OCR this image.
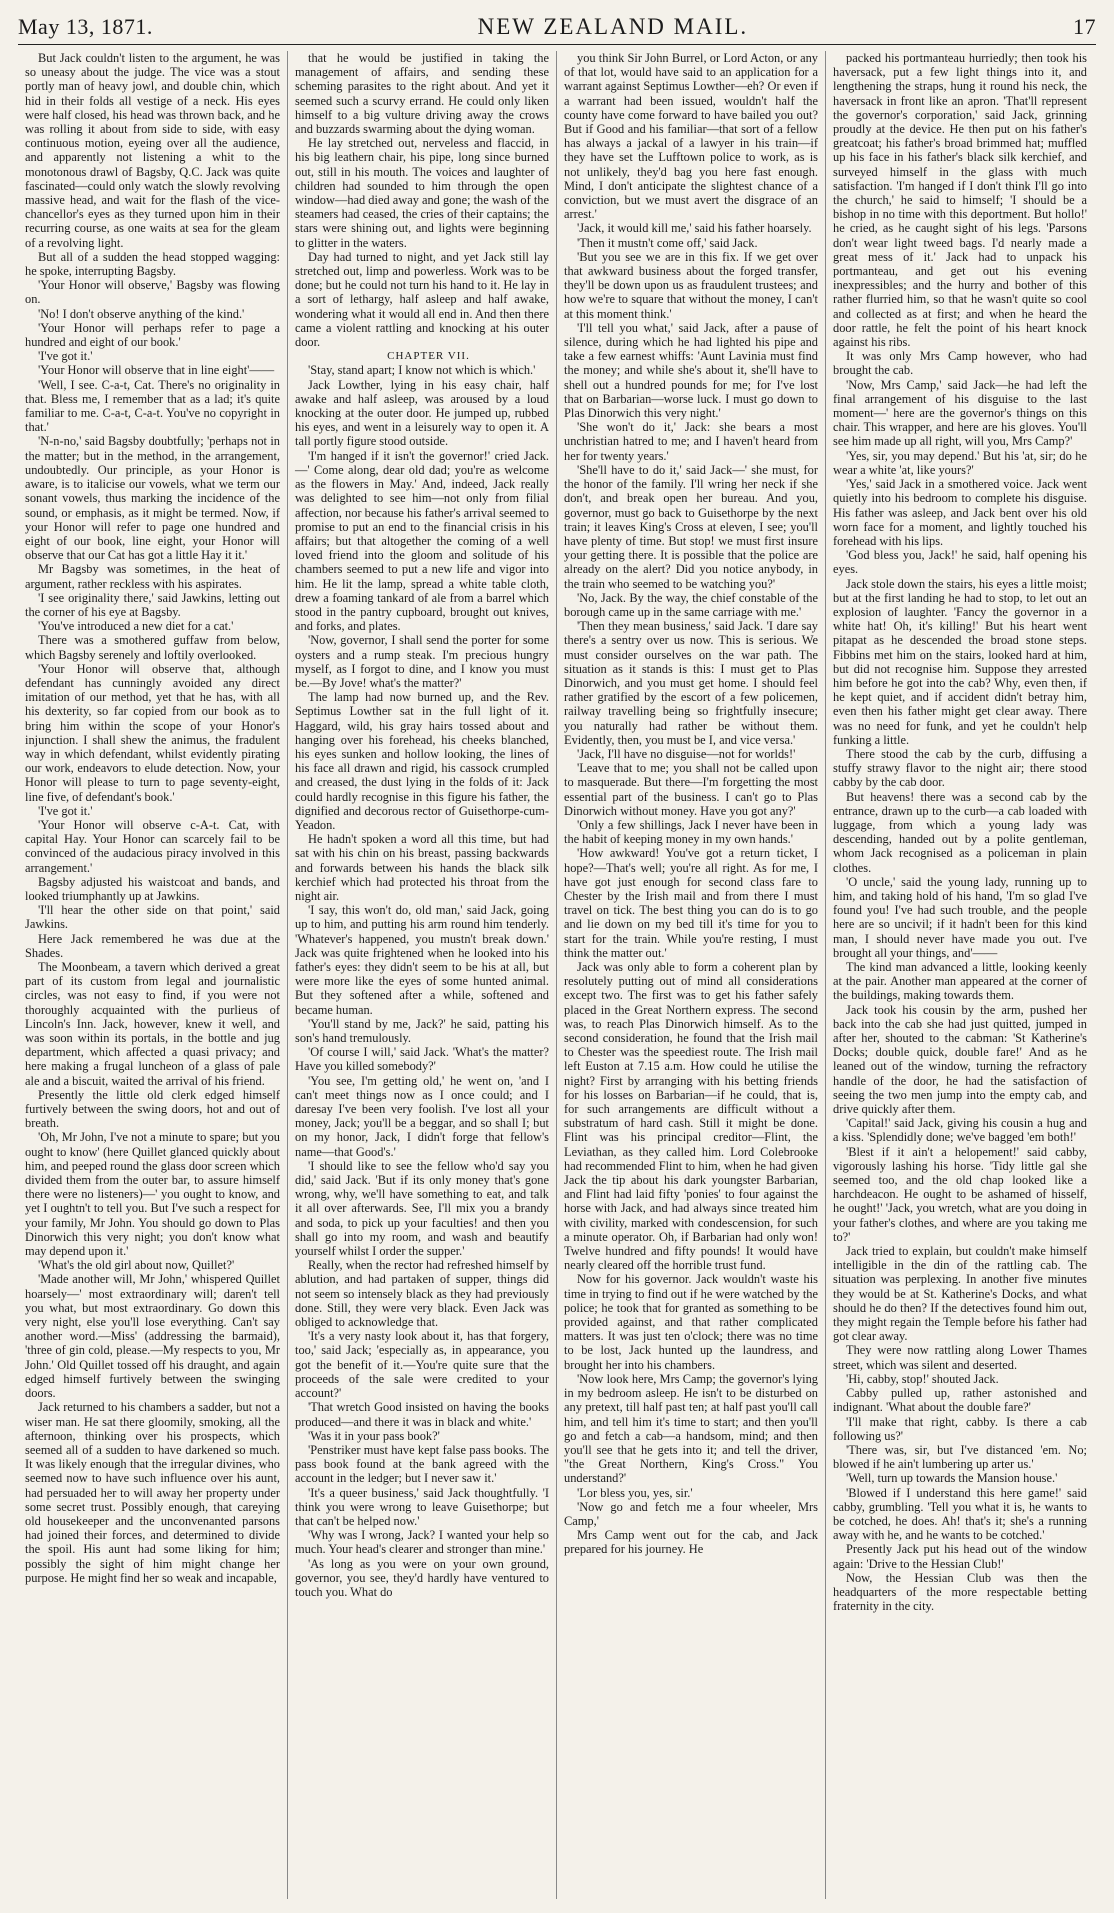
May 13, 1871.	NEW ZEALAND MAIL.	17

But Jack couldn't listen to the argument, he was so uneasy about the judge. The vice was a stout portly man of heavy jowl, and double chin, which hid in their folds all vestige of a neck. His eyes were half closed, his head was thrown back, and he was rolling it about from side to side, with easy continuous motion, eyeing over all the audience, and apparently not listening a whit to the monotonous drawl of Bagsby, Q.C. Jack was quite fascinated—could only watch the slowly revolving massive head, and wait for the flash of the vice-chancellor's eyes as they turned upon him in their recurring course, as one waits at sea for the gleam of a revolving light.

But all of a sudden the head stopped wagging: he spoke, interrupting Bagsby.

'Your Honor will observe,' Bagsby was flowing on.

'No! I don't observe anything of the kind.'

'Your Honor will perhaps refer to page a hundred and eight of our book.'

'I've got it.'

'Your Honor will observe that in line eight'——

'Well, I see. C-a-t, Cat. There's no originality in that. Bless me, I remember that as a lad; it's quite familiar to me. C-a-t, C-a-t. You've no copyright in that.'

'N-n-no,' said Bagsby doubtfully; 'perhaps not in the matter; but in the method, in the arrangement, undoubtedly. Our principle, as your Honor is aware, is to italicise our vowels, what we term our sonant vowels, thus marking the incidence of the sound, or emphasis, as it might be termed. Now, if your Honor will refer to page one hundred and eight of our book, line eight, your Honor will observe that our Cat has got a little Hay it it.'

Mr Bagsby was sometimes, in the heat of argument, rather reckless with his aspirates.

'I see originality there,' said Jawkins, letting out the corner of his eye at Bagsby.

'You've introduced a new diet for a cat.'

There was a smothered guffaw from below, which Bagsby serenely and loftily overlooked.

'Your Honor will observe that, although defendant has cunningly avoided any direct imitation of our method, yet that he has, with all his dexterity, so far copied from our book as to bring him within the scope of your Honor's injunction. I shall shew the animus, the fradulent way in which defendant, whilst evidently pirating our work, endeavors to elude detection. Now, your Honor will please to turn to page seventy-eight, line five, of defendant's book.'

'I've got it.'

'Your Honor will observe c-A-t. Cat, with capital Hay. Your Honor can scarcely fail to be convinced of the audacious piracy involved in this arrangement.'

Bagsby adjusted his waistcoat and bands, and looked triumphantly up at Jawkins.

'I'll hear the other side on that point,' said Jawkins.

Here Jack remembered he was due at the Shades.

The Moonbeam, a tavern which derived a great part of its custom from legal and journalistic circles, was not easy to find, if you were not thoroughly acquainted with the purlieus of Lincoln's Inn. Jack, however, knew it well, and was soon within its portals, in the bottle and jug department, which affected a quasi privacy; and here making a frugal luncheon of a glass of pale ale and a biscuit, waited the arrival of his friend.

Presently the little old clerk edged himself furtively between the swing doors, hot and out of breath.

'Oh, Mr John, I've not a minute to spare; but you ought to know' (here Quillet glanced quickly about him, and peeped round the glass door screen which divided them from the outer bar, to assure himself there were no listeners)—' you ought to know, and yet I oughtn't to tell you. But I've such a respect for your family, Mr John. You should go down to Plas Dinorwich this very night; you don't know what may depend upon it.'

'What's the old girl about now, Quillet?'

'Made another will, Mr John,' whispered Quillet hoarsely—' most extraordinary will; daren't tell you what, but most extraordinary. Go down this very night, else you'll lose everything. Can't say another word.—Miss' (addressing the barmaid), 'three of gin cold, please.—My respects to you, Mr John.' Old Quillet tossed off his draught, and again edged himself furtively between the swinging doors.

Jack returned to his chambers a sadder, but not a wiser man. He sat there gloomily, smoking, all the afternoon, thinking over his prospects, which seemed all of a sudden to have darkened so much. It was likely enough that the irregular divines, who seemed now to have such influence over his aunt, had persuaded her to will away her property under some secret trust. Possibly enough, that careying old housekeeper and the unconvenanted parsons had joined their forces, and determined to divide the spoil. His aunt had some liking for him; possibly the sight of him might change her purpose. He might find her so weak and incapable,

that he would be justified in taking the management of affairs, and sending these scheming parasites to the right about. And yet it seemed such a scurvy errand. He could only liken himself to a big vulture driving away the crows and buzzards swarming about the dying woman.

He lay stretched out, nerveless and flaccid, in his big leathern chair, his pipe, long since burned out, still in his mouth. The voices and laughter of children had sounded to him through the open window—had died away and gone; the wash of the steamers had ceased, the cries of their captains; the stars were shining out, and lights were beginning to glitter in the waters.

Day had turned to night, and yet Jack still lay stretched out, limp and powerless. Work was to be done; but he could not turn his hand to it. He lay in a sort of lethargy, half asleep and half awake, wondering what it would all end in. And then there came a violent rattling and knocking at his outer door.

CHAPTER VII.

'Stay, stand apart; I know not which is which.'

Jack Lowther, lying in his easy chair, half awake and half asleep, was aroused by a loud knocking at the outer door. He jumped up, rubbed his eyes, and went in a leisurely way to open it. A tall portly figure stood outside.

'I'm hanged if it isn't the governor!' cried Jack.—' Come along, dear old dad; you're as welcome as the flowers in May.' And, indeed, Jack really was delighted to see him—not only from filial affection, nor because his father's arrival seemed to promise to put an end to the financial crisis in his affairs; but that altogether the coming of a well loved friend into the gloom and solitude of his chambers seemed to put a new life and vigor into him. He lit the lamp, spread a white table cloth, drew a foaming tankard of ale from a barrel which stood in the pantry cupboard, brought out knives, and forks, and plates.

'Now, governor, I shall send the porter for some oysters and a rump steak. I'm precious hungry myself, as I forgot to dine, and I know you must be.—By Jove! what's the matter?'

The lamp had now burned up, and the Rev. Septimus Lowther sat in the full light of it. Haggard, wild, his gray hairs tossed about and hanging over his forehead, his cheeks blanched, his eyes sunken and hollow looking, the lines of his face all drawn and rigid, his cassock crumpled and creased, the dust lying in the folds of it: Jack could hardly recognise in this figure his father, the dignified and decorous rector of Guisethorpe-cum-Yeadon.

He hadn't spoken a word all this time, but had sat with his chin on his breast, passing backwards and forwards between his hands the black silk kerchief which had protected his throat from the night air.

'I say, this won't do, old man,' said Jack, going up to him, and putting his arm round him tenderly. 'Whatever's happened, you mustn't break down.' Jack was quite frightened when he looked into his father's eyes: they didn't seem to be his at all, but were more like the eyes of some hunted animal. But they softened after a while, softened and became human.

'You'll stand by me, Jack?' he said, patting his son's hand tremulously.

'Of course I will,' said Jack. 'What's the matter? Have you killed somebody?'

'You see, I'm getting old,' he went on, 'and I can't meet things now as I once could; and I daresay I've been very foolish. I've lost all your money, Jack; you'll be a beggar, and so shall I; but on my honor, Jack, I didn't forge that fellow's name—that Good's.'

'I should like to see the fellow who'd say you did,' said Jack. 'But if its only money that's gone wrong, why, we'll have something to eat, and talk it all over afterwards. See, I'll mix you a brandy and soda, to pick up your faculties! and then you shall go into my room, and wash and beautify yourself whilst I order the supper.'

Really, when the rector had refreshed himself by ablution, and had partaken of supper, things did not seem so intensely black as they had previously done. Still, they were very black. Even Jack was obliged to acknowledge that.

'It's a very nasty look about it, has that forgery, too,' said Jack; 'especially as, in appearance, you got the benefit of it.—You're quite sure that the proceeds of the sale were credited to your account?'

'That wretch Good insisted on having the books produced—and there it was in black and white.'

'Was it in your pass book?'

'Penstriker must have kept false pass books. The pass book found at the bank agreed with the account in the ledger; but I never saw it.'

'It's a queer business,' said Jack thoughtfully. 'I think you were wrong to leave Guisethorpe; but that can't be helped now.'

'Why was I wrong, Jack? I wanted your help so much. Your head's clearer and stronger than mine.'

'As long as you were on your own ground, governor, you see, they'd hardly have ventured to touch you. What do

you think Sir John Burrel, or Lord Acton, or any of that lot, would have said to an application for a warrant against Septimus Lowther—eh? Or even if a warrant had been issued, wouldn't half the county have come forward to have bailed you out? But if Good and his familiar—that sort of a fellow has always a jackal of a lawyer in his train—if they have set the Lufftown police to work, as is not unlikely, they'd bag you here fast enough. Mind, I don't anticipate the slightest chance of a conviction, but we must avert the disgrace of an arrest.'

'Jack, it would kill me,' said his father hoarsely.

'Then it mustn't come off,' said Jack.

'But you see we are in this fix. If we get over that awkward business about the forged transfer, they'll be down upon us as fraudulent trustees; and how we're to square that without the money, I can't at this moment think.'

'I'll tell you what,' said Jack, after a pause of silence, during which he had lighted his pipe and take a few earnest whiffs: 'Aunt Lavinia must find the money; and while she's about it, she'll have to shell out a hundred pounds for me; for I've lost that on Barbarian—worse luck. I must go down to Plas Dinorwich this very night.'

'She won't do it,' Jack: she bears a most unchristian hatred to me; and I haven't heard from her for twenty years.'

'She'll have to do it,' said Jack—' she must, for the honor of the family. I'll wring her neck if she don't, and break open her bureau. And you, governor, must go back to Guisethorpe by the next train; it leaves King's Cross at eleven, I see; you'll have plenty of time. But stop! we must first insure your getting there. It is possible that the police are already on the alert? Did you notice anybody, in the train who seemed to be watching you?'

'No, Jack. By the way, the chief constable of the borough came up in the same carriage with me.'

'Then they mean business,' said Jack. 'I dare say there's a sentry over us now. This is serious. We must consider ourselves on the war path. The situation as it stands is this: I must get to Plas Dinorwich, and you must get home. I should feel rather gratified by the escort of a few policemen, railway travelling being so frightfully insecure; you naturally had rather be without them. Evidently, then, you must be I, and vice versa.'

'Jack, I'll have no disguise—not for worlds!'

'Leave that to me; you shall not be called upon to masquerade. But there—I'm forgetting the most essential part of the business. I can't go to Plas Dinorwich without money. Have you got any?'

'Only a few shillings, Jack I never have been in the habit of keeping money in my own hands.'

'How awkward! You've got a return ticket, I hope?—That's well; you're all right. As for me, I have got just enough for second class fare to Chester by the Irish mail and from there I must travel on tick. The best thing you can do is to go and lie down on my bed till it's time for you to start for the train. While you're resting, I must think the matter out.'

Jack was only able to form a coherent plan by resolutely putting out of mind all considerations except two. The first was to get his father safely placed in the Great Northern express. The second was, to reach Plas Dinorwich himself. As to the second consideration, he found that the Irish mail to Chester was the speediest route. The Irish mail left Euston at 7.15 a.m. How could he utilise the night? First by arranging with his betting friends for his losses on Barbarian—if he could, that is, for such arrangements are difficult without a substratum of hard cash. Still it might be done. Flint was his principal creditor—Flint, the Leviathan, as they called him. Lord Colebrooke had recommended Flint to him, when he had given Jack the tip about his dark youngster Barbarian, and Flint had laid fifty 'ponies' to four against the horse with Jack, and had always since treated him with civility, marked with condescension, for such a minute operator. Oh, if Barbarian had only won! Twelve hundred and fifty pounds! It would have nearly cleared off the horrible trust fund.

Now for his governor. Jack wouldn't waste his time in trying to find out if he were watched by the police; he took that for granted as something to be provided against, and that rather complicated matters. It was just ten o'clock; there was no time to be lost, Jack hunted up the laundress, and brought her into his chambers.

'Now look here, Mrs Camp; the governor's lying in my bedroom asleep. He isn't to be disturbed on any pretext, till half past ten; at half past you'll call him, and tell him it's time to start; and then you'll go and fetch a cab—a handsom, mind; and then you'll see that he gets into it; and tell the driver, "the Great Northern, King's Cross." You understand?'

'Lor bless you, yes, sir.'

'Now go and fetch me a four wheeler, Mrs Camp,'

Mrs Camp went out for the cab, and Jack prepared for his journey. He

packed his portmanteau hurriedly; then took his haversack, put a few light things into it, and lengthening the straps, hung it round his neck, the haversack in front like an apron. 'That'll represent the governor's corporation,' said Jack, grinning proudly at the device. He then put on his father's greatcoat; his father's broad brimmed hat; muffled up his face in his father's black silk kerchief, and surveyed himself in the glass with much satisfaction. 'I'm hanged if I don't think I'll go into the church,' he said to himself; 'I should be a bishop in no time with this deportment. But hollo!' he cried, as he caught sight of his legs. 'Parsons don't wear light tweed bags. I'd nearly made a great mess of it.' Jack had to unpack his portmanteau, and get out his evening inexpressibles; and the hurry and bother of this rather flurried him, so that he wasn't quite so cool and collected as at first; and when he heard the door rattle, he felt the point of his heart knock against his ribs.

It was only Mrs Camp however, who had brought the cab.

'Now, Mrs Camp,' said Jack—he had left the final arrangement of his disguise to the last moment—' here are the governor's things on this chair. This wrapper, and here are his gloves. You'll see him made up all right, will you, Mrs Camp?'

'Yes, sir, you may depend.' But his 'at, sir; do he wear a white 'at, like yours?'

'Yes,' said Jack in a smothered voice. Jack went quietly into his bedroom to complete his disguise. His father was asleep, and Jack bent over his old worn face for a moment, and lightly touched his forehead with his lips.

'God bless you, Jack!' he said, half opening his eyes.

Jack stole down the stairs, his eyes a little moist; but at the first landing he had to stop, to let out an explosion of laughter. 'Fancy the governor in a white hat! Oh, it's killing!' But his heart went pitapat as he descended the broad stone steps. Fibbins met him on the stairs, looked hard at him, but did not recognise him. Suppose they arrested him before he got into the cab? Why, even then, if he kept quiet, and if accident didn't betray him, even then his father might get clear away. There was no need for funk, and yet he couldn't help funking a little.

There stood the cab by the curb, diffusing a stuffy strawy flavor to the night air; there stood cabby by the cab door.

But heavens! there was a second cab by the entrance, drawn up to the curb—a cab loaded with luggage, from which a young lady was descending, handed out by a polite gentleman, whom Jack recognised as a policeman in plain clothes.

'O uncle,' said the young lady, running up to him, and taking hold of his hand, 'I'm so glad I've found you! I've had such trouble, and the people here are so uncivil; if it hadn't been for this kind man, I should never have made you out. I've brought all your things, and'——

The kind man advanced a little, looking keenly at the pair. Another man appeared at the corner of the buildings, making towards them.

Jack took his cousin by the arm, pushed her back into the cab she had just quitted, jumped in after her, shouted to the cabman: 'St Katherine's Docks; double quick, double fare!' And as he leaned out of the window, turning the refractory handle of the door, he had the satisfaction of seeing the two men jump into the empty cab, and drive quickly after them.

'Capital!' said Jack, giving his cousin a hug and a kiss. 'Splendidly done; we've bagged 'em both!'

'Blest if it ain't a helopement!' said cabby, vigorously lashing his horse. 'Tidy little gal she seemed too, and the old chap looked like a harchdeacon. He ought to be ashamed of hisself, he ought!' 'Jack, you wretch, what are you doing in your father's clothes, and where are you taking me to?'

Jack tried to explain, but couldn't make himself intelligible in the din of the rattling cab. The situation was perplexing. In another five minutes they would be at St. Katherine's Docks, and what should he do then? If the detectives found him out, they might regain the Temple before his father had got clear away.

They were now rattling along Lower Thames street, which was silent and deserted.

'Hi, cabby, stop!' shouted Jack.

Cabby pulled up, rather astonished and indignant. 'What about the double fare?'

'I'll make that right, cabby. Is there a cab following us?'

'There was, sir, but I've distanced 'em. No; blowed if he ain't lumbering up arter us.'

'Well, turn up towards the Mansion house.'

'Blowed if I understand this here game!' said cabby, grumbling. 'Tell you what it is, he wants to be cotched, he does. Ah! that's it; she's a running away with he, and he wants to be cotched.'

Presently Jack put his head out of the window again: 'Drive to the Hessian Club!'

Now, the Hessian Club was then the headquarters of the more respectable betting fraternity in the city.
